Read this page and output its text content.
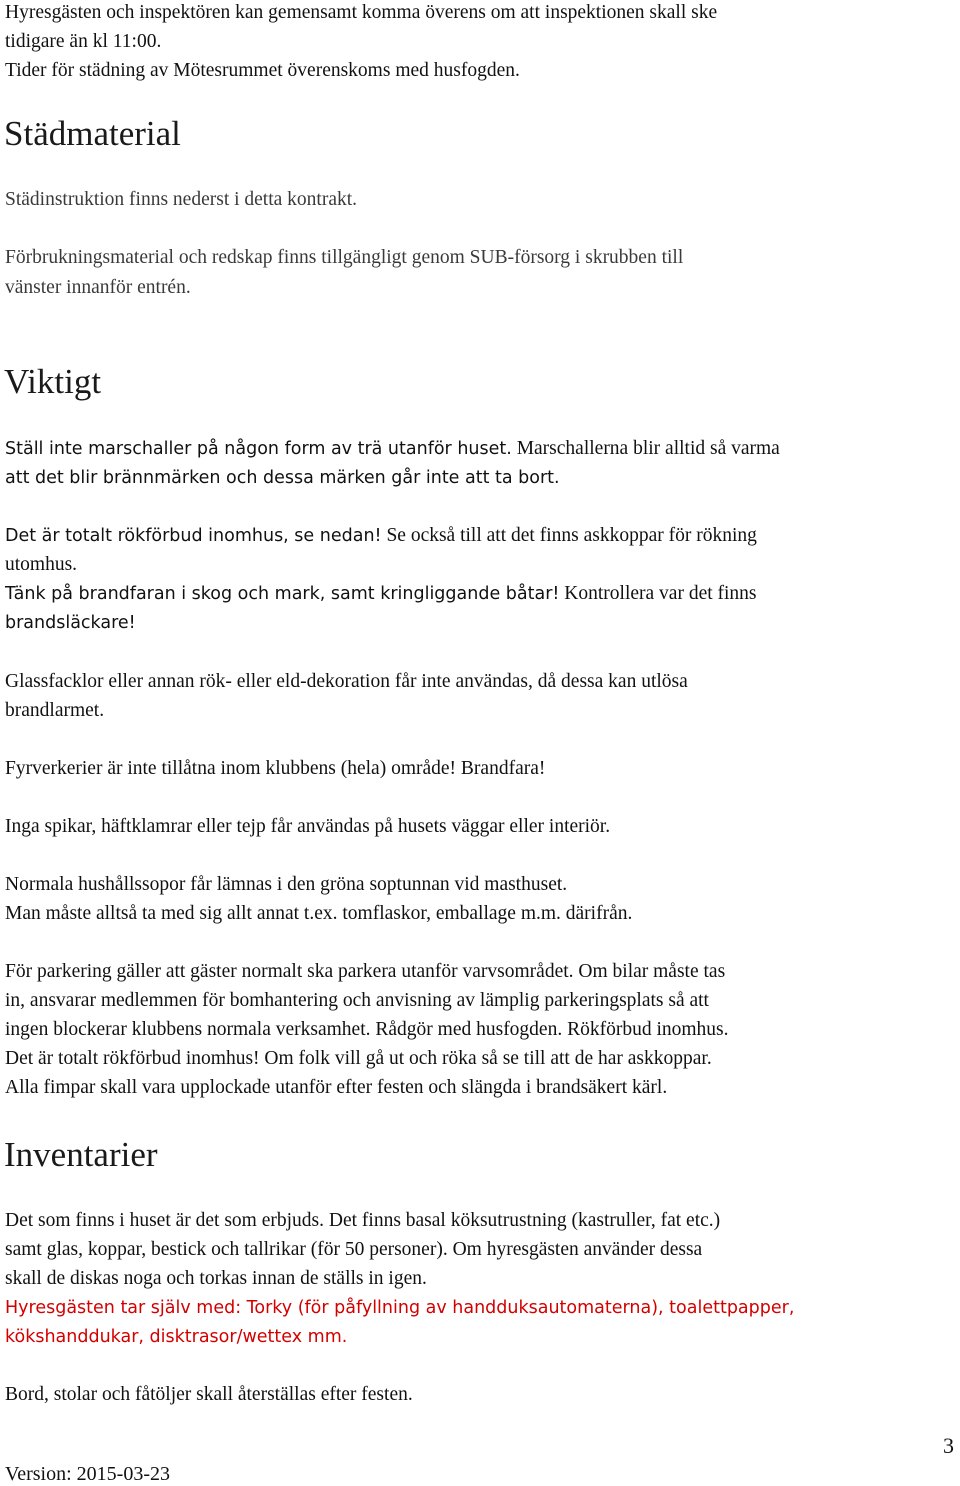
Hyresgästen och inspektören kan gemensamt komma överens om att inspektionen skall ske
tidigare än kl 11:00.
Tider för städning av Mötesrummet överenskoms med husfogden.
Städmaterial
Städinstruktion finns nederst i detta kontrakt.
Förbrukningsmaterial och redskap finns tillgängligt genom SUB-försorg i skrubben till
vänster innanför entrén.
Viktigt
Ställ inte marschaller på någon form av trä utanför huset. Marschallerna blir alltid så varma
att det blir brännmärken och dessa märken går inte att ta bort.
Det är totalt rökförbud inomhus, se nedan! Se också till att det finns askkoppar för rökning
utomhus.
Tänk på brandfaran i skog och mark, samt kringliggande båtar! Kontrollera var det finns
brandsläckare!
Glassfacklor eller annan rök- eller eld-dekoration får inte användas, då dessa kan utlösa
brandlarmet.
Fyrverkerier är inte tillåtna inom klubbens (hela) område! Brandfara!
Inga spikar, häftklamrar eller tejp får användas på husets väggar eller interiör.
Normala hushållssopor får lämnas i den gröna soptunnan vid masthuset.
Man måste alltså ta med sig allt annat t.ex. tomflaskor, emballage m.m. därifrån.
För parkering gäller att gäster normalt ska parkera utanför varvsområdet. Om bilar måste tas
in, ansvarar medlemmen för bomhantering och anvisning av lämplig parkeringsplats så att
ingen blockerar klubbens normala verksamhet. Rådgör med husfogden. Rökförbud inomhus.
Det är totalt rökförbud inomhus! Om folk vill gå ut och röka så se till att de har askkoppar.
Alla fimpar skall vara upplockade utanför efter festen och slängda i brandsäkert kärl.
Inventarier
Det som finns i huset är det som erbjuds. Det finns basal köksutrustning (kastruller, fat etc.)
samt glas, koppar, bestick och tallrikar (för 50 personer). Om hyresgästen använder dessa
skall de diskas noga och torkas innan de ställs in igen.
Hyresgästen tar själv med: Torky (för påfyllning av handduksautomaterna), toalettpapper,
kökshanddukar, disktrasor/wettex mm.
Bord, stolar och fåtöljer skall återställas efter festen.
3
Version: 2015-03-23
